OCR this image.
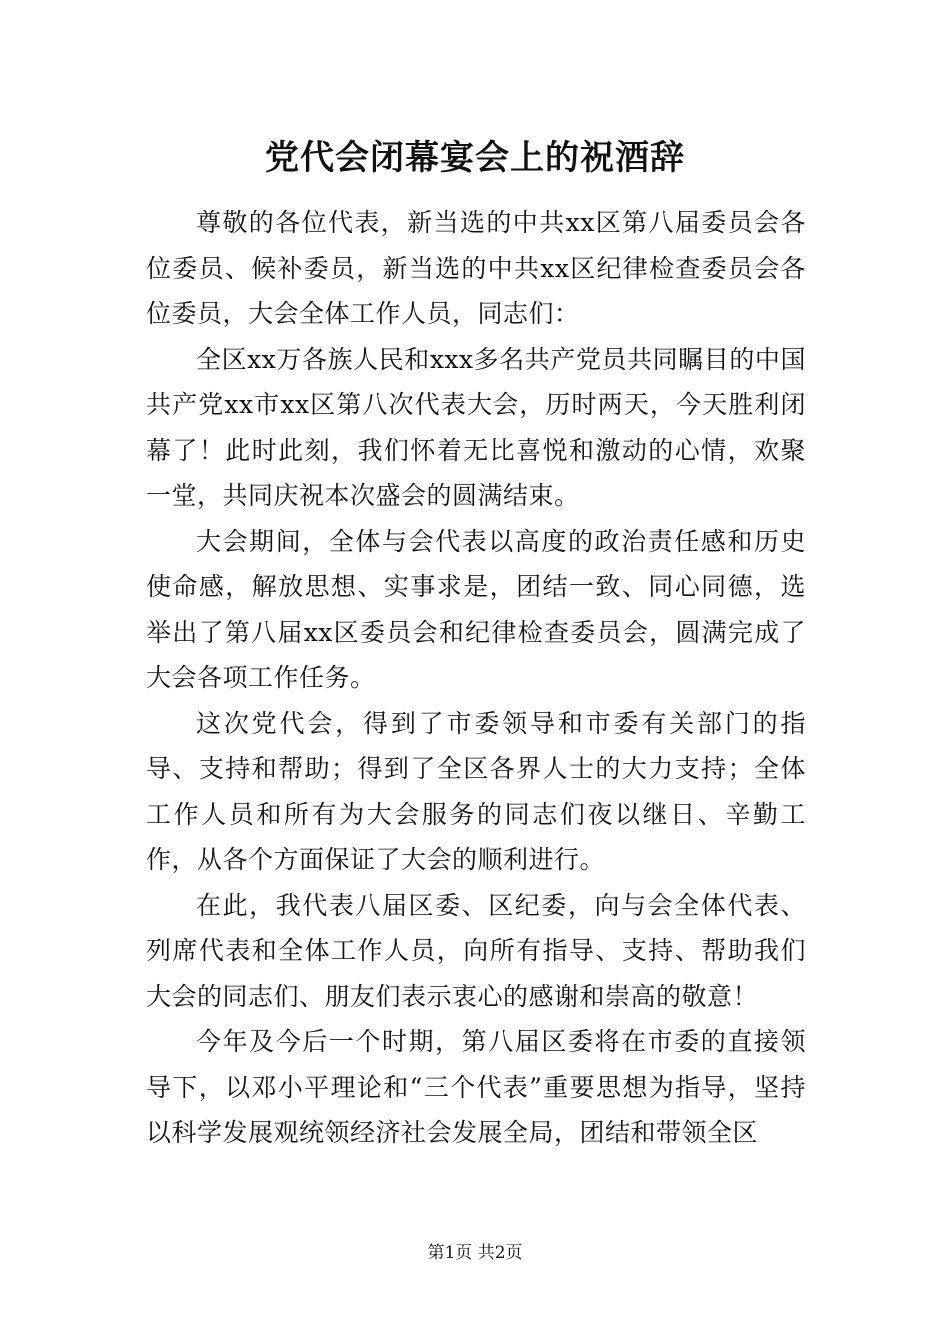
党代会闭幕宴会上的祝酒辞

尊敬的各位代表，新当选的中共xx区第八届委员会各位委员、候补委员，新当选的中共xx区纪律检查委员会各位委员，大会全体工作人员，同志们：

全区xx万各族人民和xxx多名共产党员共同瞩目的中国共产党xx市xx区第八次代表大会，历时两天，今天胜利闭幕了！此时此刻，我们怀着无比喜悦和激动的心情，欢聚一堂，共同庆祝本次盛会的圆满结束。

大会期间，全体与会代表以高度的政治责任感和历史使命感，解放思想、实事求是，团结一致、同心同德，选举出了第八届xx区委员会和纪律检查委员会，圆满完成了大会各项工作任务。

这次党代会，得到了市委领导和市委有关部门的指导、支持和帮助；得到了全区各界人士的大力支持；全体工作人员和所有为大会服务的同志们夜以继日、辛勤工作，从各个方面保证了大会的顺利进行。

在此，我代表八届区委、区纪委，向与会全体代表、列席代表和全体工作人员，向所有指导、支持、帮助我们大会的同志们、朋友们表示衷心的感谢和崇高的敬意！

今年及今后一个时期，第八届区委将在市委的直接领导下，以邓小平理论和“三个代表”重要思想为指导，坚持以科学发展观统领经济社会发展全局，团结和带领全区

第1页 共2页
